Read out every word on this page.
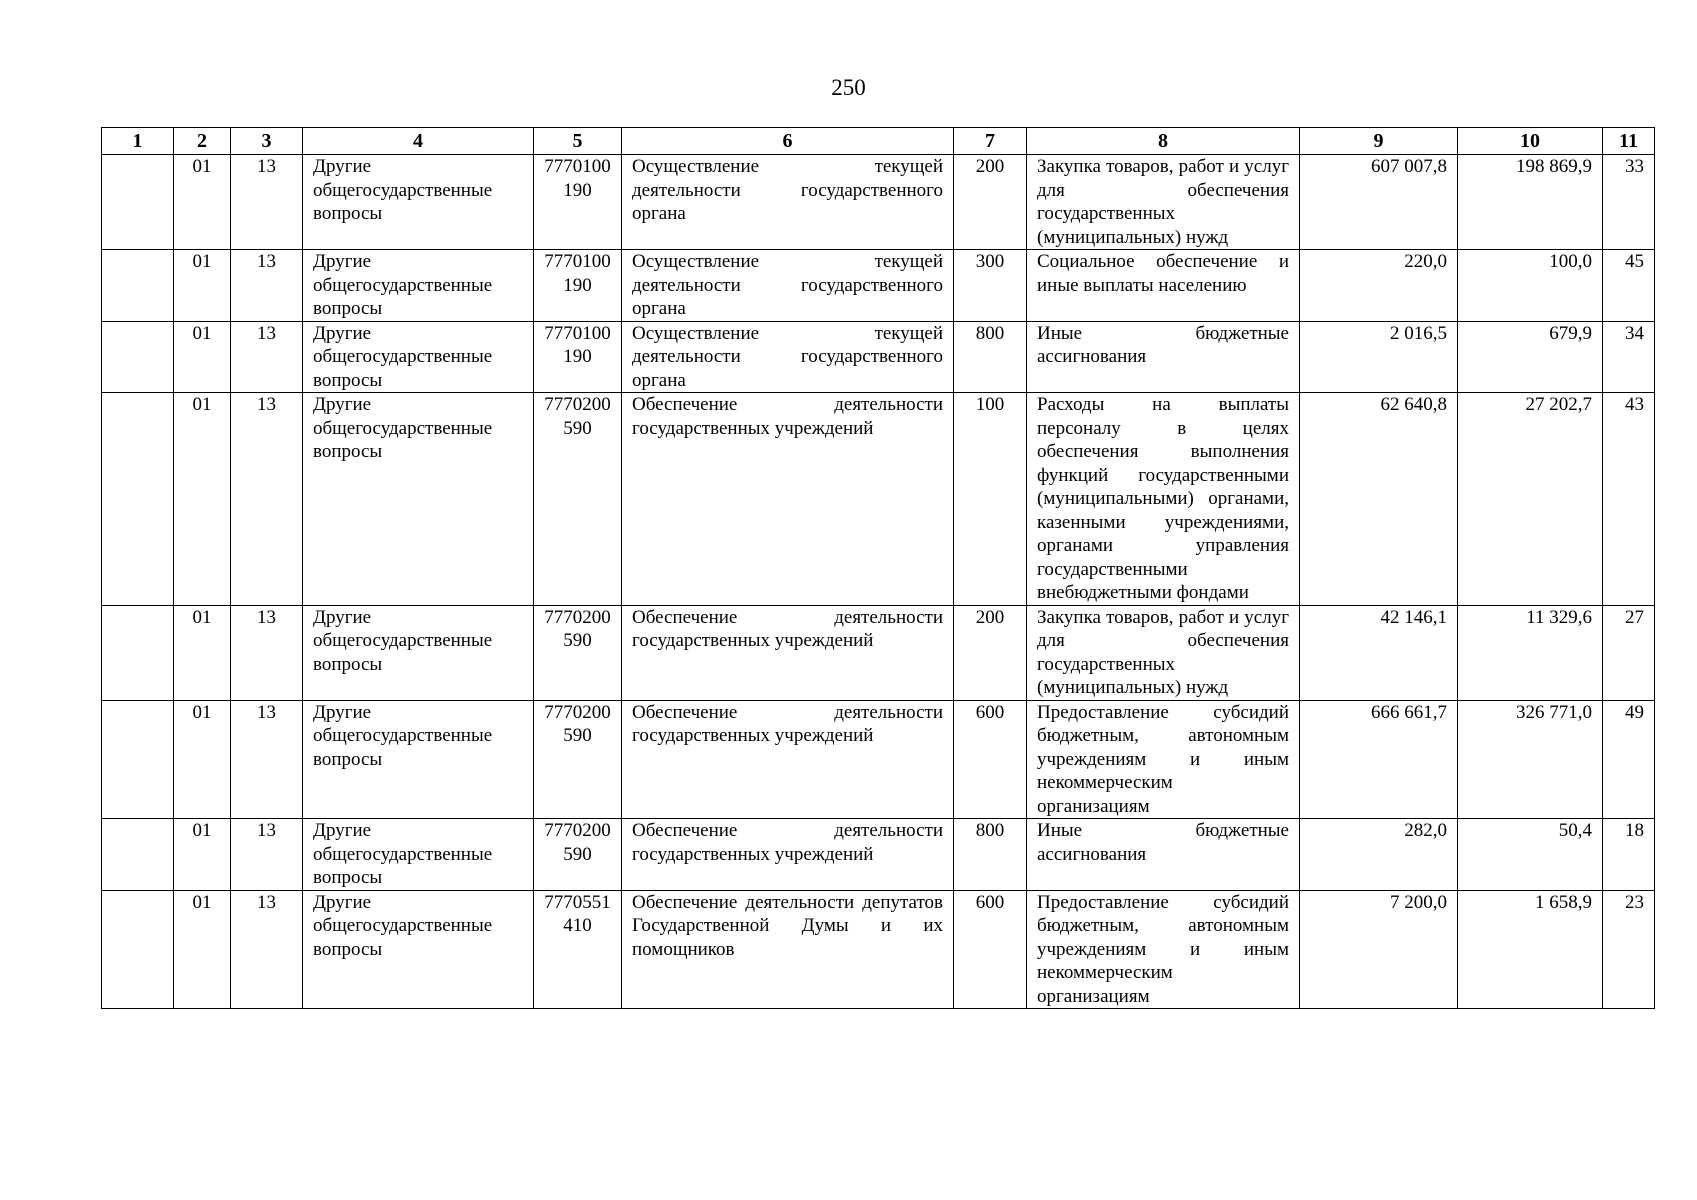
250
1	2	3	4	5	6	7	8	9	10	11
	01	13	Другие общегосударственные вопросы	7770100190	Осуществление текущей деятельности государственного органа	200	Закупка товаров, работ и услуг для обеспечения государственных (муниципальных) нужд	607 007,8	198 869,9	33
	01	13	Другие общегосударственные вопросы	7770100190	Осуществление текущей деятельности государственного органа	300	Социальное обеспечение и иные выплаты населению	220,0	100,0	45
	01	13	Другие общегосударственные вопросы	7770100190	Осуществление текущей деятельности государственного органа	800	Иные бюджетные ассигнования	2 016,5	679,9	34
	01	13	Другие общегосударственные вопросы	7770200590	Обеспечение деятельности государственных учреждений	100	Расходы на выплаты персоналу в целях обеспечения выполнения функций государственными (муниципальными) органами, казенными учреждениями, органами управления государственными внебюджетными фондами	62 640,8	27 202,7	43
	01	13	Другие общегосударственные вопросы	7770200590	Обеспечение деятельности государственных учреждений	200	Закупка товаров, работ и услуг для обеспечения государственных (муниципальных) нужд	42 146,1	11 329,6	27
	01	13	Другие общегосударственные вопросы	7770200590	Обеспечение деятельности государственных учреждений	600	Предоставление субсидий бюджетным, автономным учреждениям и иным некоммерческим организациям	666 661,7	326 771,0	49
	01	13	Другие общегосударственные вопросы	7770200590	Обеспечение деятельности государственных учреждений	800	Иные бюджетные ассигнования	282,0	50,4	18
	01	13	Другие общегосударственные вопросы	7770551410	Обеспечение деятельности депутатов Государственной Думы и их помощников	600	Предоставление субсидий бюджетным, автономным учреждениям и иным некоммерческим организациям	7 200,0	1 658,9	23
